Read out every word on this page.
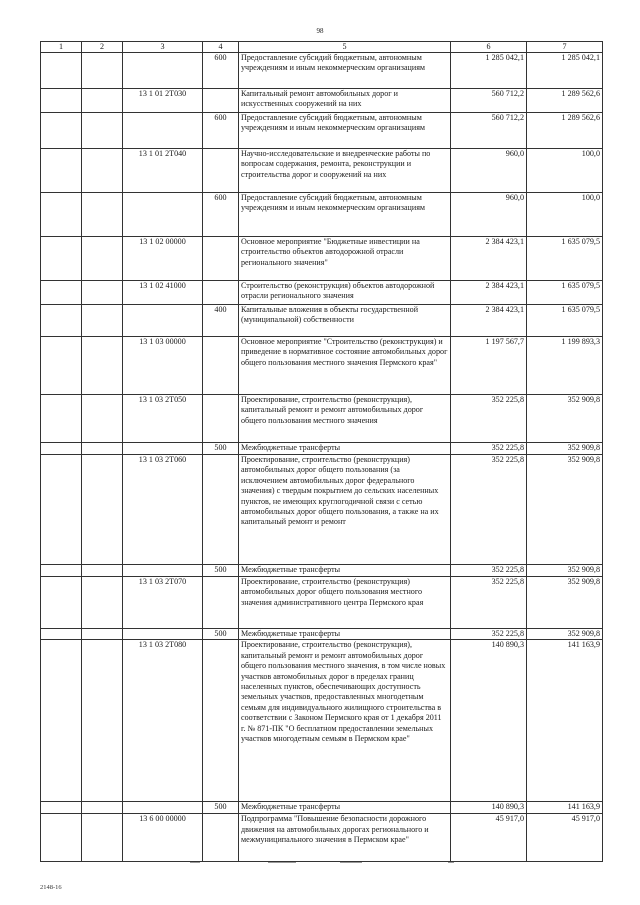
98
1	2	3	4	5	6	7
			600	Предоставление субсидий бюджетным, автономным учреждениям и иным некоммерческим организациям	1 285 042,1	1 285 042,1
		13 1 01 2Т030		Капитальный ремонт автомобильных дорог и искусственных сооружений на них	560 712,2	1 289 562,6
			600	Предоставление субсидий бюджетным, автономным учреждениям и иным некоммерческим организациям	560 712,2	1 289 562,6
		13 1 01 2Т040		Научно-исследовательские и внедренческие работы по вопросам содержания, ремонта, реконструкции и строительства дорог и сооружений на них	960,0	100,0
			600	Предоставление субсидий бюджетным, автономным учреждениям и иным некоммерческим организациям	960,0	100,0
		13 1 02 00000		Основное мероприятие "Бюджетные инвестиции на строительство объектов автодорожной отрасли регионального значения"	2 384 423,1	1 635 079,5
		13 1 02 41000		Строительство (реконструкция) объектов автодорожной отрасли регионального значения	2 384 423,1	1 635 079,5
			400	Капитальные вложения в объекты государственной (муниципальной) собственности	2 384 423,1	1 635 079,5
		13 1 03 00000		Основное мероприятие "Строительство (реконструкция) и приведение в нормативное состояние автомобильных дорог общего пользования местного значения Пермского края"	1 197 567,7	1 199 893,3
		13 1 03 2Т050		Проектирование, строительство (реконструкция), капитальный ремонт и ремонт автомобильных дорог общего пользования местного значения	352 225,8	352 909,8
			500	Межбюджетные трансферты	352 225,8	352 909,8
		13 1 03 2Т060		Проектирование, строительство (реконструкция) автомобильных дорог общего пользования (за исключением автомобильных дорог федерального значения) с твердым покрытием до сельских населенных пунктов, не имеющих круглогодичной связи с сетью автомобильных дорог общего пользования, а также на их капитальный ремонт и ремонт	352 225,8	352 909,8
			500	Межбюджетные трансферты	352 225,8	352 909,8
		13 1 03 2Т070		Проектирование, строительство (реконструкция) автомобильных дорог общего пользования местного значения административного центра Пермского края	352 225,8	352 909,8
			500	Межбюджетные трансферты	352 225,8	352 909,8
		13 1 03 2Т080		Проектирование, строительство (реконструкция), капитальный ремонт и ремонт автомобильных дорог общего пользования местного значения, в том числе новых участков автомобильных дорог в пределах границ населенных пунктов, обеспечивающих доступность земельных участков, предоставленных многодетным семьям для индивидуального жилищного строительства в соответствии с Законом Пермского края от 1 декабря 2011 г. № 871-ПК "О бесплатном предоставлении земельных участков многодетным семьям в Пермском крае"	140 890,3	141 163,9
			500	Межбюджетные трансферты	140 890,3	141 163,9
		13 6 00 00000		Подпрограмма "Повышение безопасности дорожного движения на автомобильных дорогах регионального и межмуниципального значения в Пермском крае"	45 917,0	45 917,0
2148-16
